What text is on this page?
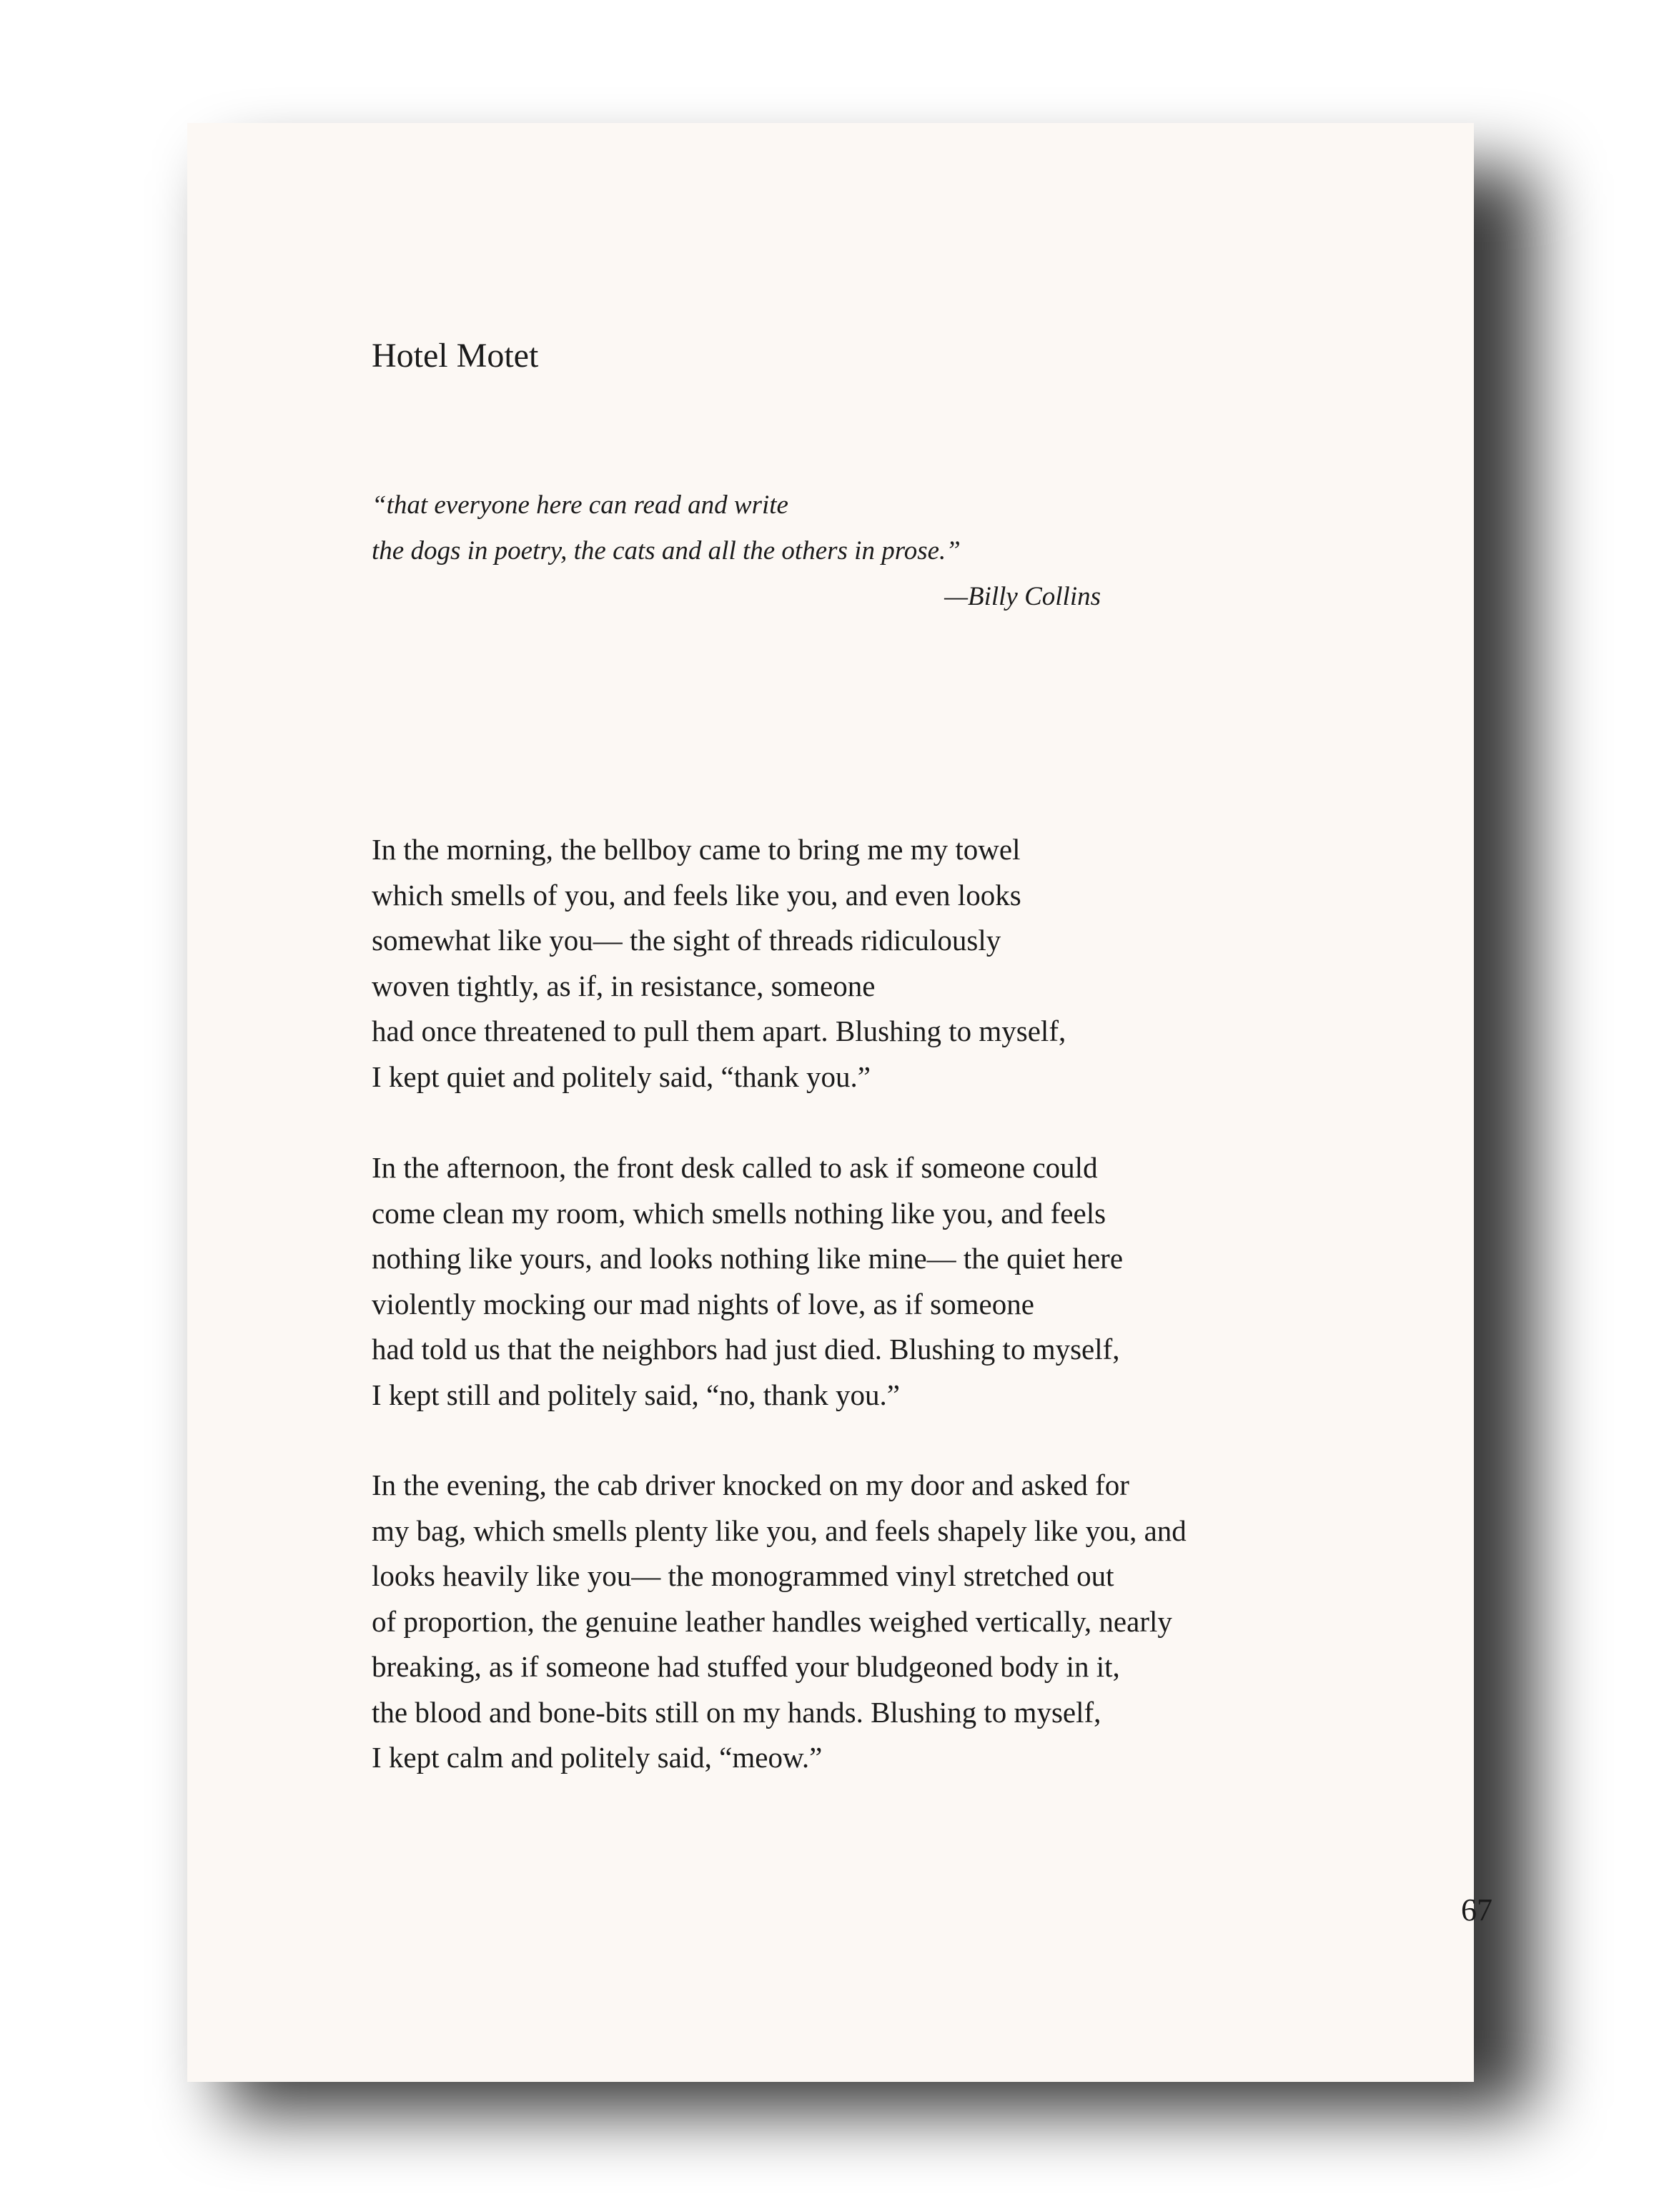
Hotel Motet
“that everyone here can read and write
the dogs in poetry, the cats and all the others in prose.”
—Billy Collins
In the morning, the bellboy came to bring me my towel
which smells of you, and feels like you, and even looks
somewhat like you— the sight of threads ridiculously
woven tightly, as if, in resistance, someone
had once threatened to pull them apart. Blushing to myself,
I kept quiet and politely said, “thank you.”
In the afternoon, the front desk called to ask if someone could
come clean my room, which smells nothing like you, and feels
nothing like yours, and looks nothing like mine— the quiet here
violently mocking our mad nights of love, as if someone
had told us that the neighbors had just died. Blushing to myself,
I kept still and politely said, “no, thank you.”
In the evening, the cab driver knocked on my door and asked for
my bag, which smells plenty like you, and feels shapely like you, and
looks heavily like you— the monogrammed vinyl stretched out
of proportion, the genuine leather handles weighed vertically, nearly
breaking, as if someone had stuffed your bludgeoned body in it,
the blood and bone-bits still on my hands. Blushing to myself,
I kept calm and politely said, “meow.”
67
